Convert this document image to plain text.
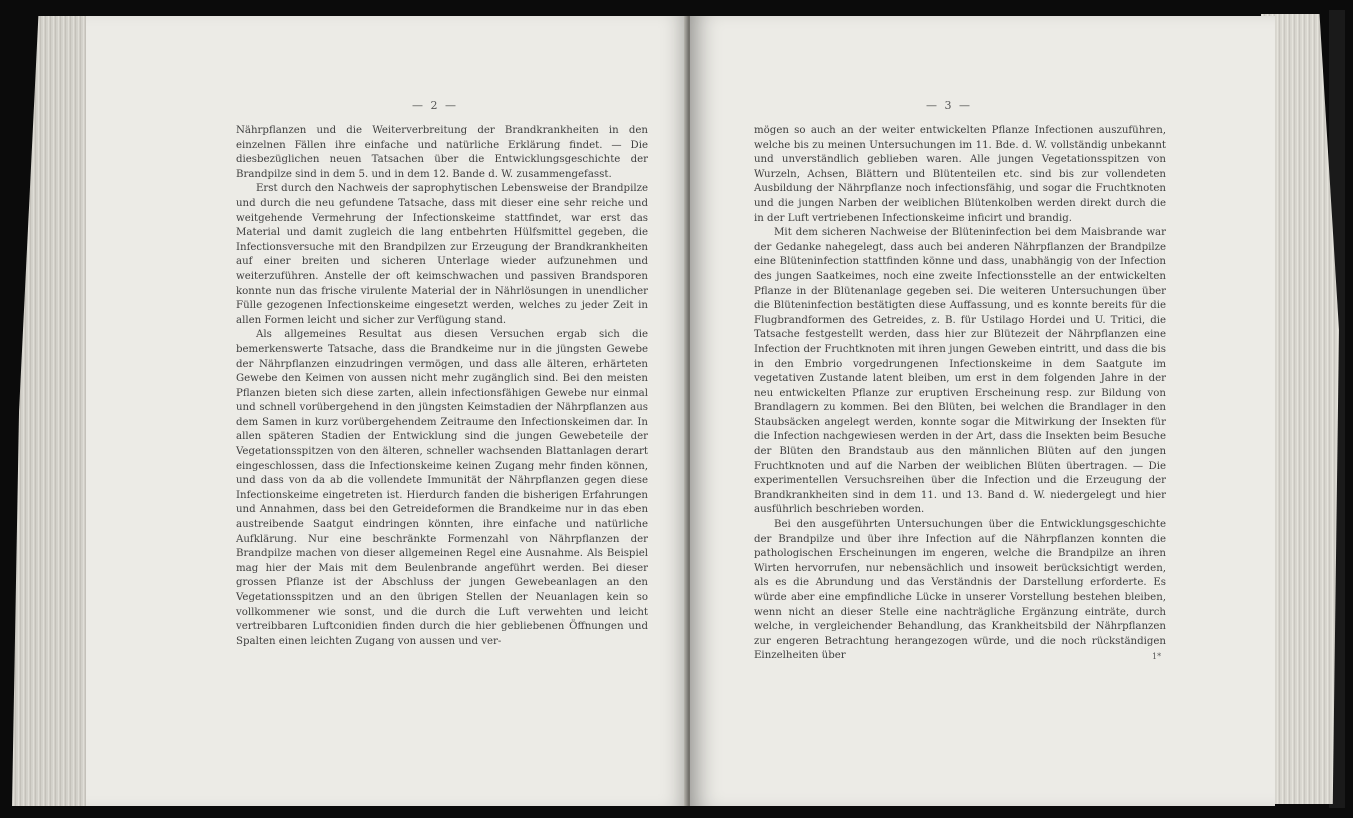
— 2 —

Nährpflanzen und die Weiterverbreitung der Brandkrankheiten in den einzelnen Fällen ihre einfache und natürliche Erklärung findet. — Die diesbezüglichen neuen Tatsachen über die Entwicklungsgeschichte der Brandpilze sind in dem 5. und in dem 12. Bande d. W. zusammengefasst.

Erst durch den Nachweis der saprophytischen Lebensweise der Brandpilze und durch die neu gefundene Tatsache, dass mit dieser eine sehr reiche und weitgehende Vermehrung der Infectionskeime stattfindet, war erst das Material und damit zugleich die lang entbehrten Hülfsmittel gegeben, die Infectionsversuche mit den Brandpilzen zur Erzeugung der Brandkrankheiten auf einer breiten und sicheren Unterlage wieder aufzunehmen und weiterzuführen. Anstelle der oft keimschwachen und passiven Brandsporen konnte nun das frische virulente Material der in Nährlösungen in unendlicher Fülle gezogenen Infectionskeime eingesetzt werden, welches zu jeder Zeit in allen Formen leicht und sicher zur Verfügung stand.

Als allgemeines Resultat aus diesen Versuchen ergab sich die bemerkenswerte Tatsache, dass die Brandkeime nur in die jüngsten Gewebe der Nährpflanzen einzudringen vermögen, und dass alle älteren, erhärteten Gewebe den Keimen von aussen nicht mehr zugänglich sind. Bei den meisten Pflanzen bieten sich diese zarten, allein infectionsfähigen Gewebe nur einmal und schnell vorübergehend in den jüngsten Keimstadien der Nährpflanzen aus dem Samen in kurz vorübergehendem Zeitraume den Infectionskeimen dar. In allen späteren Stadien der Entwicklung sind die jungen Gewebeteile der Vegetationsspitzen von den älteren, schneller wachsenden Blattanlagen derart eingeschlossen, dass die Infectionskeime keinen Zugang mehr finden können, und dass von da ab die vollendete Immunität der Nährpflanzen gegen diese Infectionskeime eingetreten ist. Hierdurch fanden die bisherigen Erfahrungen und Annahmen, dass bei den Getreideformen die Brandkeime nur in das eben austreibende Saatgut eindringen könnten, ihre einfache und natürliche Aufklärung. Nur eine beschränkte Formenzahl von Nährpflanzen der Brandpilze machen von dieser allgemeinen Regel eine Ausnahme. Als Beispiel mag hier der Mais mit dem Beulenbrande angeführt werden. Bei dieser grossen Pflanze ist der Abschluss der jungen Gewebeanlagen an den Vegetationsspitzen und an den übrigen Stellen der Neuanlagen kein so vollkommener wie sonst, und die durch die Luft verwehten und leicht vertreibbaren Luftconidien finden durch die hier gebliebenen Öffnungen und Spalten einen leichten Zugang von aussen und ver-

— 3 —

mögen so auch an der weiter entwickelten Pflanze Infectionen auszuführen, welche bis zu meinen Untersuchungen im 11. Bde. d. W. vollständig unbekannt und unverständlich geblieben waren. Alle jungen Vegetationsspitzen von Wurzeln, Achsen, Blättern und Blütenteilen etc. sind bis zur vollendeten Ausbildung der Nährpflanze noch infectionsfähig, und sogar die Fruchtknoten und die jungen Narben der weiblichen Blütenkolben werden direkt durch die in der Luft vertriebenen Infectionskeime inficirt und brandig.

Mit dem sicheren Nachweise der Blüteninfection bei dem Maisbrande war der Gedanke nahegelegt, dass auch bei anderen Nährpflanzen der Brandpilze eine Blüteninfection stattfinden könne und dass, unabhängig von der Infection des jungen Saatkeimes, noch eine zweite Infectionsstelle an der entwickelten Pflanze in der Blütenanlage gegeben sei. Die weiteren Untersuchungen über die Blüteninfection bestätigten diese Auffassung, und es konnte bereits für die Flugbrandformen des Getreides, z. B. für Ustilago Hordei und U. Tritici, die Tatsache festgestellt werden, dass hier zur Blütezeit der Nährpflanzen eine Infection der Fruchtknoten mit ihren jungen Geweben eintritt, und dass die bis in den Embrio vorgedrungenen Infectionskeime in dem Saatgute im vegetativen Zustande latent bleiben, um erst in dem folgenden Jahre in der neu entwickelten Pflanze zur eruptiven Erscheinung resp. zur Bildung von Brandlagern zu kommen. Bei den Blüten, bei welchen die Brandlager in den Staubsäcken angelegt werden, konnte sogar die Mitwirkung der Insekten für die Infection nachgewiesen werden in der Art, dass die Insekten beim Besuche der Blüten den Brandstaub aus den männlichen Blüten auf den jungen Fruchtknoten und auf die Narben der weiblichen Blüten übertragen. — Die experimentellen Versuchsreihen über die Infection und die Erzeugung der Brandkrankheiten sind in dem 11. und 13. Band d. W. niedergelegt und hier ausführlich beschrieben worden.

Bei den ausgeführten Untersuchungen über die Entwicklungsgeschichte der Brandpilze und über ihre Infection auf die Nährpflanzen konnten die pathologischen Erscheinungen im engeren, welche die Brandpilze an ihren Wirten hervorrufen, nur nebensächlich und insoweit berücksichtigt werden, als es die Abrundung und das Verständnis der Darstellung erforderte. Es würde aber eine empfindliche Lücke in unserer Vorstellung bestehen bleiben, wenn nicht an dieser Stelle eine nachträgliche Ergänzung einträte, durch welche, in vergleichender Behandlung, das Krankheitsbild der Nährpflanzen zur engeren Betrachtung herangezogen würde, und die noch rückständigen Einzelheiten über	1*
